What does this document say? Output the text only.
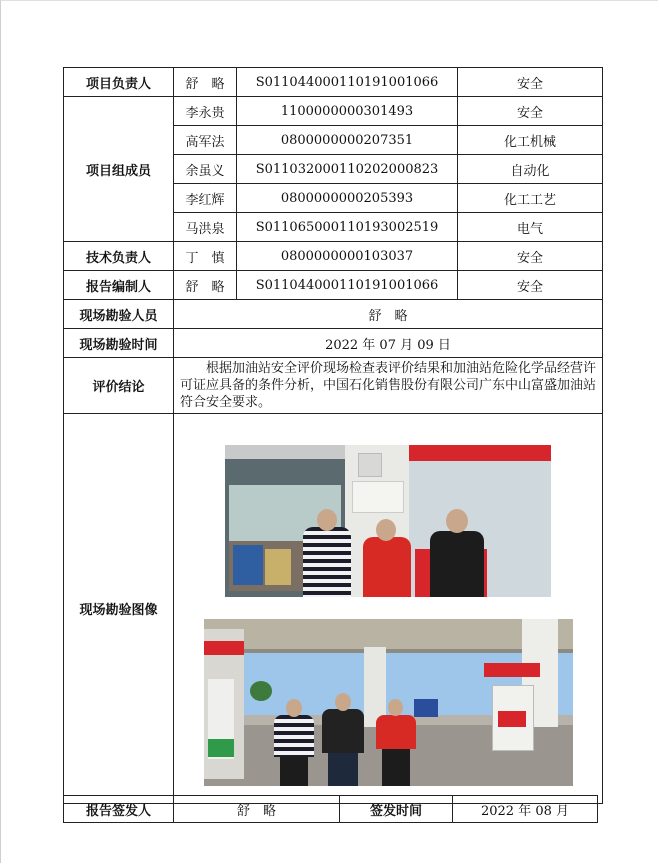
项目负责人	舒　略	S011044000110191001066	安全
项目组成员	李永贵	1100000000301493	安全
	高军法	0800000000207351	化工机械
	余虽义	S011032000110202000823	自动化
	李红辉	0800000000205393	化工工艺
	马洪泉	S011065000110193002519	电气
技术负责人	丁　慎	0800000000103037	安全
报告编制人	舒　略	S011044000110191001066	安全
现场勘验人员	舒　略		
现场勘验时间	2022 年 07 月 09 日		
评价结论	根据加油站安全评价现场检查表评价结果和加油站危险化学品经营许可证应具备的条件分析，中国石化销售股份有限公司广东中山富盛加油站符合安全要求。		
现场勘验图像			
报告签发人	舒　略	签发时间	2022 年 08 月
